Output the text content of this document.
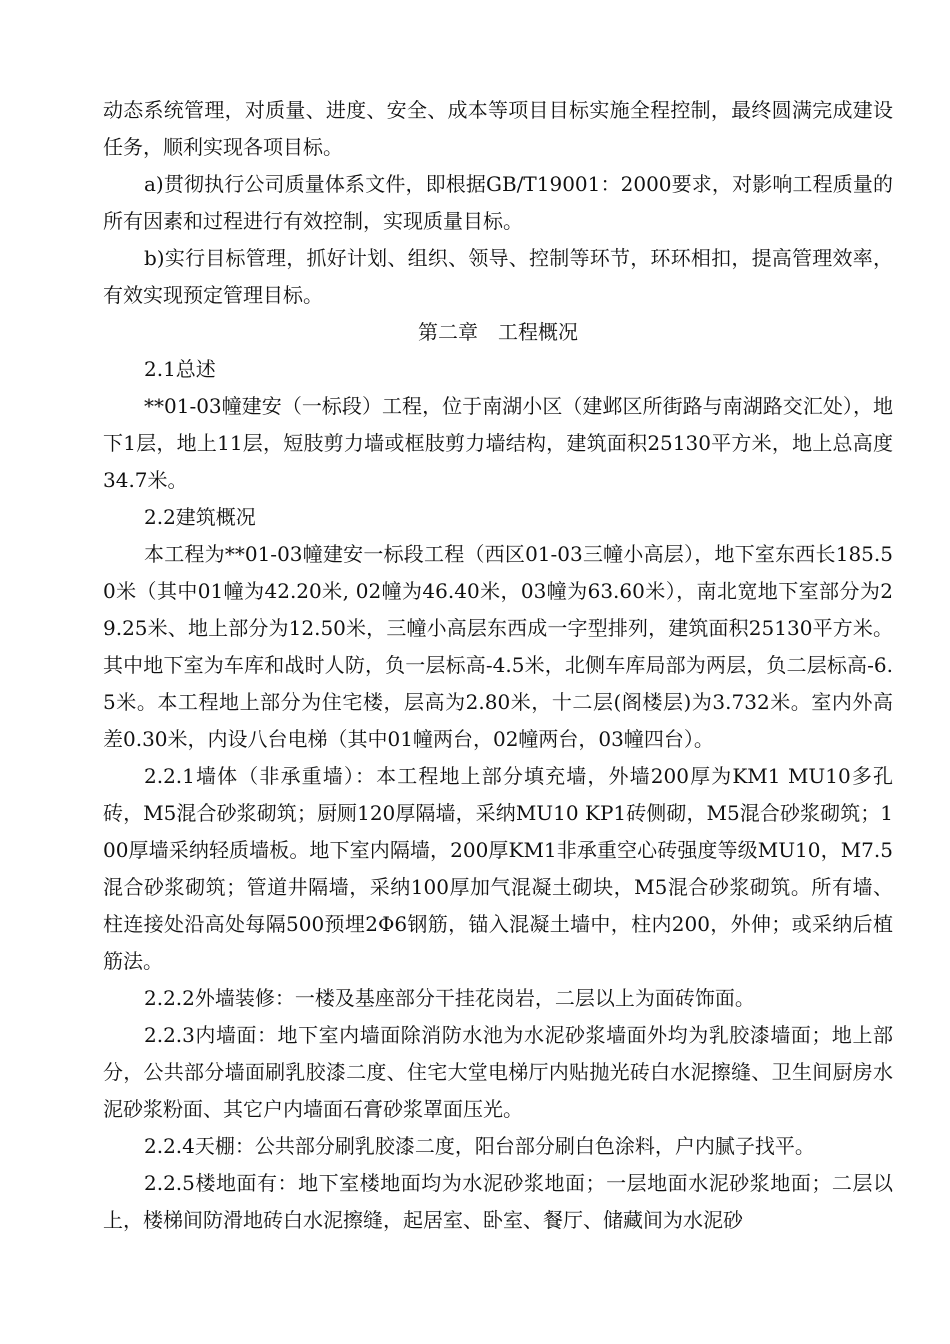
动态系统管理，对质量、进度、安全、成本等项目目标实施全程控制，最终圆满完成建设任务，顺利实现各项目标。

a)贯彻执行公司质量体系文件，即根据GB/T19001：2000要求，对影响工程质量的所有因素和过程进行有效控制，实现质量目标。

b)实行目标管理，抓好计划、组织、领导、控制等环节，环环相扣，提高管理效率，有效实现预定管理目标。

第二章　工程概况

2.1总述

**01-03幢建安（一标段）工程，位于南湖小区（建邺区所街路与南湖路交汇处），地下1层，地上11层，短肢剪力墙或框肢剪力墙结构，建筑面积25130平方米，地上总高度34.7米。

2.2建筑概况

本工程为**01-03幢建安一标段工程（西区01-03三幢小高层），地下室东西长185.50米（其中01幢为42.20米, 02幢为46.40米，03幢为63.60米），南北宽地下室部分为29.25米、地上部分为12.50米，三幢小高层东西成一字型排列，建筑面积25130平方米。其中地下室为车库和战时人防，负一层标高-4.5米，北侧车库局部为两层，负二层标高-6.5米。本工程地上部分为住宅楼，层高为2.80米，十二层(阁楼层)为3.732米。室内外高差0.30米，内设八台电梯（其中01幢两台，02幢两台，03幢四台）。

2.2.1墙体（非承重墙）：本工程地上部分填充墙，外墙200厚为KM1 MU10多孔砖，M5混合砂浆砌筑；厨厕120厚隔墙，采纳MU10 KP1砖侧砌，M5混合砂浆砌筑；100厚墙采纳轻质墙板。地下室内隔墙，200厚KM1非承重空心砖强度等级MU10，M7.5混合砂浆砌筑；管道井隔墙，采纳100厚加气混凝土砌块，M5混合砂浆砌筑。所有墙、柱连接处沿高处每隔500预埋2Φ6钢筋，锚入混凝土墙中，柱内200，外伸；或采纳后植筋法。

2.2.2外墙装修：一楼及基座部分干挂花岗岩，二层以上为面砖饰面。

2.2.3内墙面：地下室内墙面除消防水池为水泥砂浆墙面外均为乳胶漆墙面；地上部分，公共部分墙面刷乳胶漆二度、住宅大堂电梯厅内贴抛光砖白水泥擦缝、卫生间厨房水泥砂浆粉面、其它户内墙面石膏砂浆罩面压光。

2.2.4天棚：公共部分刷乳胶漆二度，阳台部分刷白色涂料，户内腻子找平。

2.2.5楼地面有：地下室楼地面均为水泥砂浆地面；一层地面水泥砂浆地面；二层以上，楼梯间防滑地砖白水泥擦缝，起居室、卧室、餐厅、储藏间为水泥砂
